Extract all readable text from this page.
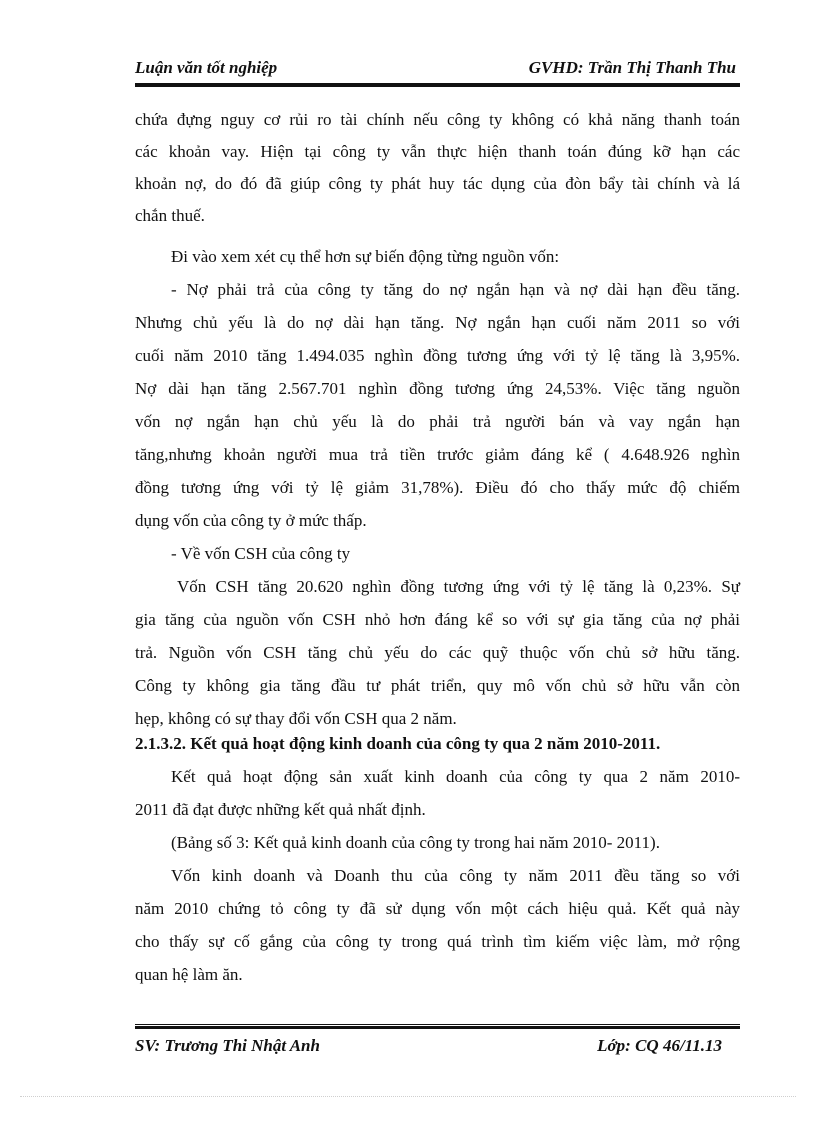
Luận văn tốt nghiệp	GVHD: Trần Thị Thanh Thu
chứa đựng nguy cơ rủi ro tài chính nếu công ty không có khả năng thanh toán
các khoản vay. Hiện tại công ty vẫn thực hiện thanh toán đúng kỡ hạn các
khoản nợ, do đó đã giúp công ty phát huy tác dụng của đòn bẩy tài chính và lá
chắn thuế.
Đi vào xem xét cụ thể hơn sự biến động từng nguồn vốn:
- Nợ phải trả của công ty tăng do nợ ngắn hạn và nợ dài hạn đều tăng.
Nhưng chủ yếu là do nợ dài hạn tăng. Nợ ngắn hạn cuối năm 2011 so với
cuối năm 2010 tăng 1.494.035 nghìn đồng tương ứng với tỷ lệ tăng là 3,95%.
Nợ dài hạn tăng 2.567.701 nghìn đồng tương ứng 24,53%. Việc tăng nguồn
vốn nợ ngắn hạn chủ yếu là do phải trả người bán và vay ngắn hạn
tăng,nhưng khoản người mua trả tiền trước giảm đáng kể ( 4.648.926 nghìn
đồng tương ứng với tỷ lệ giảm 31,78%). Điều đó cho thấy mức độ chiếm
dụng vốn của công ty ở mức thấp.
- Về vốn CSH của công ty
Vốn CSH tăng 20.620 nghìn đồng tương ứng với tỷ lệ tăng là 0,23%. Sự
gia tăng của nguồn vốn CSH nhỏ hơn đáng kể so với sự gia tăng của nợ phải
trả. Nguồn vốn CSH tăng chủ yếu do các quỹ thuộc vốn chủ sở hữu tăng.
Công ty không gia tăng đầu tư phát triển, quy mô vốn chủ sở hữu vẫn còn
hẹp, không có sự thay đổi vốn CSH qua 2 năm.
2.1.3.2. Kết quả hoạt động kinh doanh của công ty qua 2 năm 2010-2011.
Kết quả hoạt động sản xuất kinh doanh của công ty qua 2 năm 2010-
2011 đã đạt được những kết quả nhất định.
(Bảng số 3: Kết quả kinh doanh của công ty trong hai năm 2010- 2011).
Vốn kinh doanh và Doanh thu của công ty năm 2011 đều tăng so với
năm 2010 chứng tỏ công ty đã sử dụng vốn một cách hiệu quả. Kết quả này
cho thấy sự cố gắng của công ty trong quá trình tìm kiếm việc làm, mở rộng
quan hệ làm ăn.
SV: Trương Thi Nhật Anh	Lớp: CQ 46/11.13
